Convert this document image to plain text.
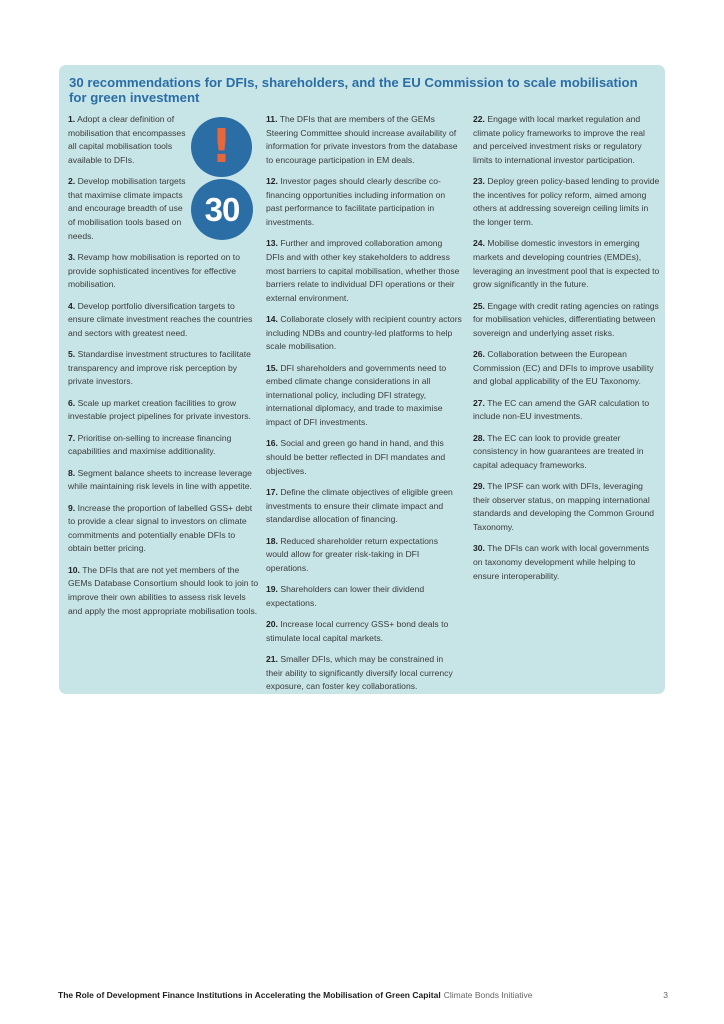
30 recommendations for DFIs, shareholders, and the EU Commission to scale mobilisation for green investment
!
30

1. Adopt a clear definition of mobilisation that encompasses all capital mobilisation tools available to DFIs.

2. Develop mobilisation targets that maximise climate impacts and encourage breadth of use of mobilisation tools based on needs.

3. Revamp how mobilisation is reported on to provide sophisticated incentives for effective mobilisation.

4. Develop portfolio diversification targets to ensure climate investment reaches the countries and sectors with greatest need.

5. Standardise investment structures to facilitate transparency and improve risk perception by private investors.

6. Scale up market creation facilities to grow investable project pipelines for private investors.

7. Prioritise on-selling to increase financing capabilities and maximise additionality.

8. Segment balance sheets to increase leverage while maintaining risk levels in line with appetite.

9. Increase the proportion of labelled GSS+ debt to provide a clear signal to investors on climate commitments and potentially enable DFIs to obtain better pricing.

10. The DFIs that are not yet members of the GEMs Database Consortium should look to join to improve their own abilities to assess risk levels and apply the most appropriate mobilisation tools.

11. The DFIs that are members of the GEMs Steering Committee should increase availability of information for private investors from the database to encourage participation in EM deals.

12. Investor pages should clearly describe co-financing opportunities including information on past performance to facilitate participation in investments.

13. Further and improved collaboration among DFIs and with other key stakeholders to address most barriers to capital mobilisation, whether those barriers relate to individual DFI operations or their external environment.

14. Collaborate closely with recipient country actors including NDBs and country-led platforms to help scale mobilisation.

15. DFI shareholders and governments need to embed climate change considerations in all international policy, including DFI strategy, international diplomacy, and trade to maximise impact of DFI investments.

16. Social and green go hand in hand, and this should be better reflected in DFI mandates and objectives.

17. Define the climate objectives of eligible green investments to ensure their climate impact and standardise allocation of financing.

18. Reduced shareholder return expectations would allow for greater risk-taking in DFI operations.

19. Shareholders can lower their dividend expectations.

20. Increase local currency GSS+ bond deals to stimulate local capital markets.

21. Smaller DFIs, which may be constrained in their ability to significantly diversify local currency exposure, can foster key collaborations.

22. Engage with local market regulation and climate policy frameworks to improve the real and perceived investment risks or regulatory limits to international investor participation.

23. Deploy green policy-based lending to provide the incentives for policy reform, aimed among others at addressing sovereign ceiling limits in the longer term.

24. Mobilise domestic investors in emerging markets and developing countries (EMDEs), leveraging an investment pool that is expected to grow significantly in the future.

25. Engage with credit rating agencies on ratings for mobilisation vehicles, differentiating between sovereign and underlying asset risks.

26. Collaboration between the European Commission (EC) and DFIs to improve usability and global applicability of the EU Taxonomy.

27. The EC can amend the GAR calculation to include non-EU investments.

28. The EC can look to provide greater consistency in how guarantees are treated in capital adequacy frameworks.

29. The IPSF can work with DFIs, leveraging their observer status, on mapping international standards and developing the Common Ground Taxonomy.

30. The DFIs can work with local governments on taxonomy development while helping to ensure interoperability.

The Role of Development Finance Institutions in Accelerating the Mobilisation of Green Capital Climate Bonds Initiative	3
